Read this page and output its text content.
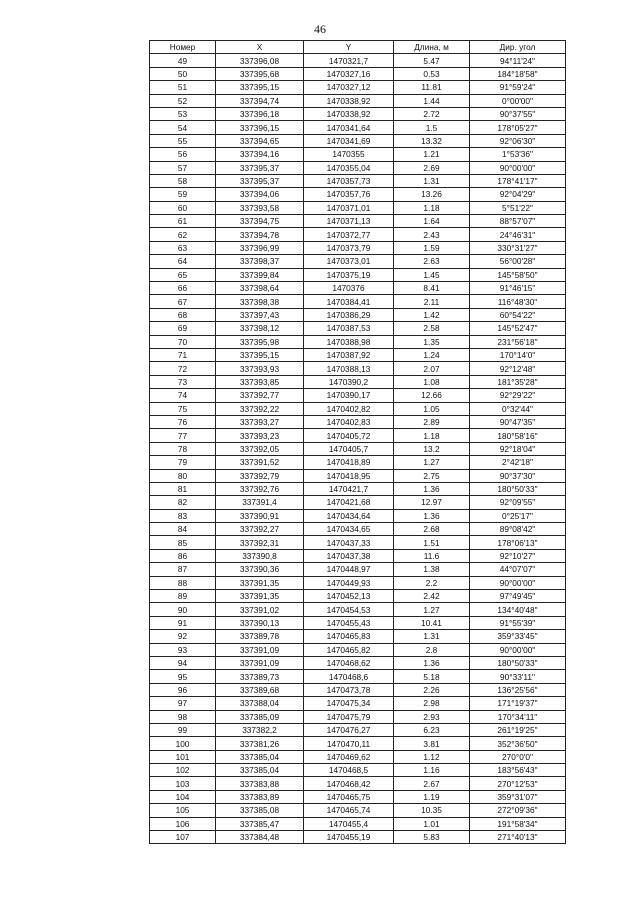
46
Номер	X	Y	Длина, м	Дир. угол
49	337396,08	1470321,7	5.47	94°11'24"
50	337395,68	1470327,16	0.53	184°18'58"
51	337395,15	1470327,12	11.81	91°59'24"
52	337394,74	1470338,92	1.44	0°00'00"
53	337396,18	1470338,92	2.72	90°37'55"
54	337396,15	1470341,64	1.5	178°05'27"
55	337394,65	1470341,69	13.32	92°06'30"
56	337394,16	1470355	1.21	1°53'36"
57	337395,37	1470355,04	2.69	90°00'00"
58	337395,37	1470357,73	1.31	178°41'17"
59	337394,06	1470357,76	13.26	92°04'29"
60	337393,58	1470371,01	1.18	5°51'22"
61	337394,75	1470371,13	1.64	88°57'07"
62	337394,78	1470372,77	2.43	24°46'31"
63	337396,99	1470373,79	1.59	330°31'27"
64	337398,37	1470373,01	2.63	56°00'28"
65	337399,84	1470375,19	1.45	145°58'50"
66	337398,64	1470376	8.41	91°46'15"
67	337398,38	1470384,41	2.11	116°48'30"
68	337397,43	1470386,29	1.42	60°54'22"
69	337398,12	1470387,53	2.58	145°52'47"
70	337395,98	1470388,98	1.35	231°56'18"
71	337395,15	1470387,92	1.24	170°14'0"
72	337393,93	1470388,13	2.07	92°12'48"
73	337393,85	1470390,2	1.08	181°35'28"
74	337392,77	1470390,17	12.66	92°29'22"
75	337392,22	1470402,82	1.05	0°32'44"
76	337393,27	1470402,83	2.89	90°47'35"
77	337393,23	1470405,72	1.18	180°58'16"
78	337392,05	1470405,7	13.2	92°18'04"
79	337391,52	1470418,89	1.27	2°42'18"
80	337392,79	1470418,95	2.75	90°37'30"
81	337392,76	1470421,7	1.36	180°50'33"
82	337391,4	1470421,68	12.97	92°09'55"
83	337390,91	1470434,64	1.36	0°25'17"
84	337392,27	1470434,65	2.68	89°08'42"
85	337392,31	1470437,33	1.51	178°06'13"
86	337390,8	1470437,38	11.6	92°10'27"
87	337390,36	1470448,97	1.38	44°07'07"
88	337391,35	1470449,93	2.2	90°00'00"
89	337391,35	1470452,13	2.42	97°49'45"
90	337391,02	1470454,53	1.27	134°40'48"
91	337390,13	1470455,43	10.41	91°55'39"
92	337389,78	1470465,83	1.31	359°33'45"
93	337391,09	1470465,82	2.8	90°00'00"
94	337391,09	1470468,62	1.36	180°50'33"
95	337389,73	1470468,6	5.18	90°33'11"
96	337389,68	1470473,78	2.26	136°25'56"
97	337388,04	1470475,34	2.98	171°19'37"
98	337385,09	1470475,79	2.93	170°34'11"
99	337382,2	1470476,27	6.23	261°19'25"
100	337381,26	1470470,11	3.81	352°36'50"
101	337385,04	1470469,62	1.12	270°0'0"
102	337385,04	1470468,5	1.16	183°56'43"
103	337383,88	1470468,42	2.67	270°12'53"
104	337383,89	1470465,75	1.19	359°31'07"
105	337385,08	1470465,74	10.35	272°09'36"
106	337385,47	1470455,4	1.01	191°58'34"
107	337384,48	1470455,19	5.83	271°40'13"
